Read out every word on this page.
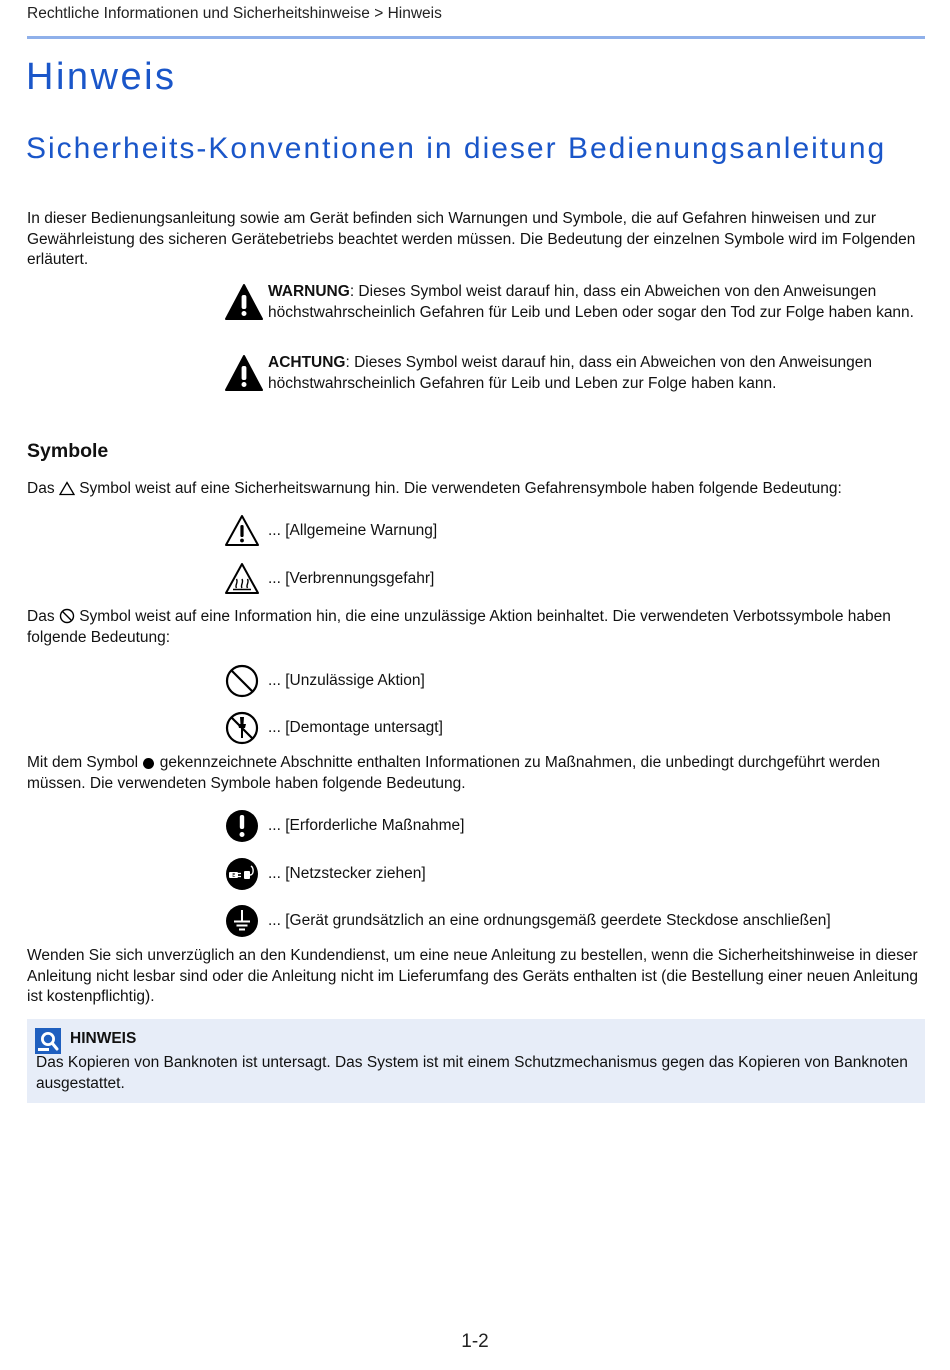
Rechtliche Informationen und Sicherheitshinweise > Hinweis
Hinweis
Sicherheits-Konventionen in dieser Bedienungsanleitung

In dieser Bedienungsanleitung sowie am Gerät befinden sich Warnungen und Symbole, die auf Gefahren hinweisen und zur Gewährleistung des sicheren Gerätebetriebs beachtet werden müssen. Die Bedeutung der einzelnen Symbole wird im Folgenden erläutert.

WARNUNG: Dieses Symbol weist darauf hin, dass ein Abweichen von den Anweisungen höchstwahrscheinlich Gefahren für Leib und Leben oder sogar den Tod zur Folge haben kann.
ACHTUNG: Dieses Symbol weist darauf hin, dass ein Abweichen von den Anweisungen höchstwahrscheinlich Gefahren für Leib und Leben zur Folge haben kann.
Symbole

Das Symbol weist auf eine Sicherheitswarnung hin. Die verwendeten Gefahrensymbole haben folgende Bedeutung:

... [Allgemeine Warnung]
... [Verbrennungsgefahr]

Das Symbol weist auf eine Information hin, die eine unzulässige Aktion beinhaltet. Die verwendeten Verbotssymbole haben folgende Bedeutung:

... [Unzulässige Aktion]
... [Demontage untersagt]

Mit dem Symbol gekennzeichnete Abschnitte enthalten Informationen zu Maßnahmen, die unbedingt durchgeführt werden müssen. Die verwendeten Symbole haben folgende Bedeutung.

... [Erforderliche Maßnahme]
E ... [Netzstecker ziehen]
... [Gerät grundsätzlich an eine ordnungsgemäß geerdete Steckdose anschließen]

Wenden Sie sich unverzüglich an den Kundendienst, um eine neue Anleitung zu bestellen, wenn die Sicherheitshinweise in dieser Anleitung nicht lesbar sind oder die Anleitung nicht im Lieferumfang des Geräts enthalten ist (die Bestellung einer neuen Anleitung ist kostenpflichtig).

HINWEIS
Das Kopieren von Banknoten ist untersagt. Das System ist mit einem Schutzmechanismus gegen das Kopieren von Banknoten ausgestattet.
1-2
